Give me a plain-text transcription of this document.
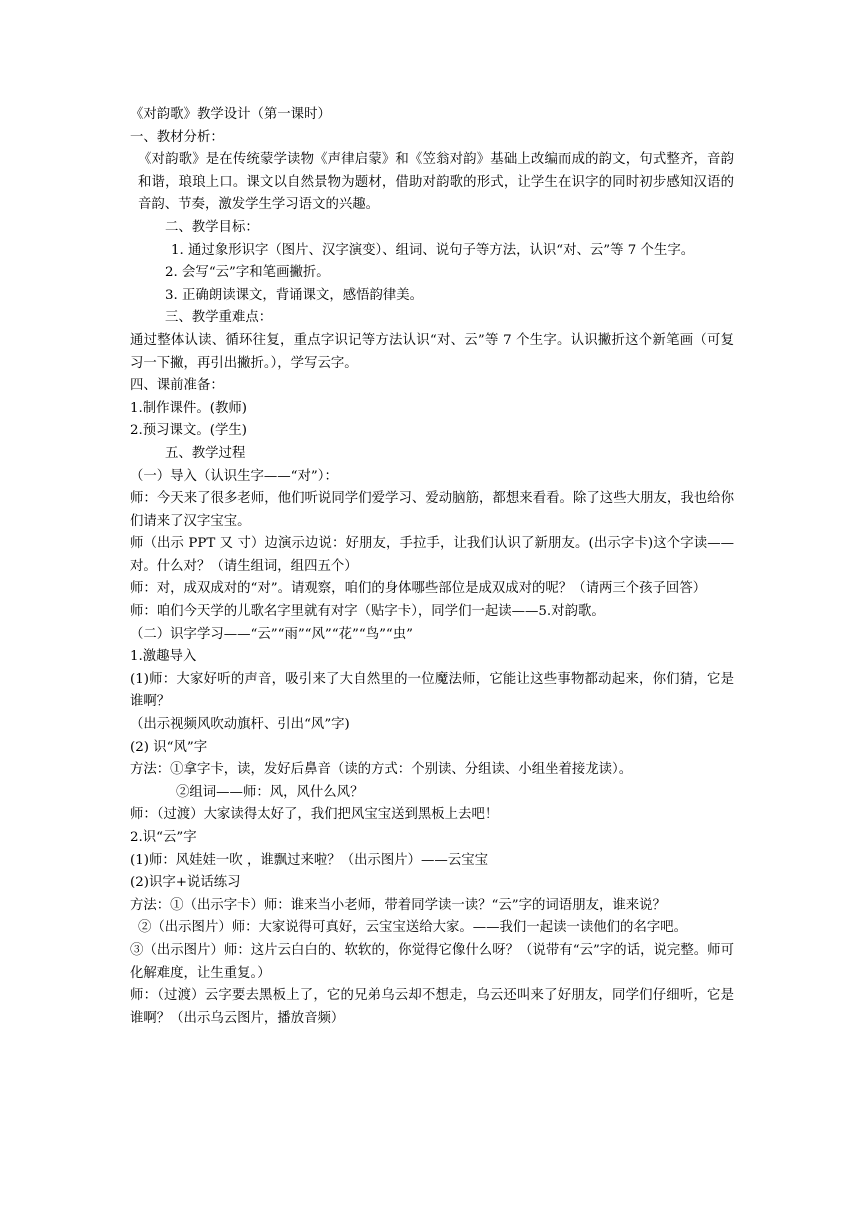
《对韵歌》教学设计（第一课时）

一、教材分析：

《对韵歌》是在传统蒙学读物《声律启蒙》和《笠翁对韵》基础上改编而成的韵文，句式整齐，音韵和谐，琅琅上口。课文以自然景物为题材，借助对韵歌的形式，让学生在识字的同时初步感知汉语的音韵、节奏，激发学生学习语文的兴趣。

二、教学目标：

1. 通过象形识字（图片、汉字演变）、组词、说句子等方法，认识“对、云”等 7 个生字。

2. 会写“云”字和笔画撇折。

3. 正确朗读课文，背诵课文，感悟韵律美。

三、教学重难点：

通过整体认读、循环往复，重点字识记等方法认识“对、云”等 7 个生字。认识撇折这个新笔画（可复习一下撇，再引出撇折。），学写云字。

四、课前准备：

1.制作课件。(教师)

2.预习课文。(学生)

五、教学过程

（一）导入（认识生字——“对”）：

师：今天来了很多老师，他们听说同学们爱学习、爱动脑筋，都想来看看。除了这些大朋友，我也给你们请来了汉字宝宝。

师（出示 PPT 又 寸）边演示边说：好朋友，手拉手，让我们认识了新朋友。(出示字卡)这个字读——对。什么对？（请生组词，组四五个）

师：对，成双成对的“对”。请观察，咱们的身体哪些部位是成双成对的呢？（请两三个孩子回答）

师：咱们今天学的儿歌名字里就有对字（贴字卡），同学们一起读——5.对韵歌。

（二）识字学习——“云”“雨”“风”“花”“鸟”“虫”

1.激趣导入

(1)师：大家好听的声音，吸引来了大自然里的一位魔法师，它能让这些事物都动起来，你们猜，它是谁啊？

（出示视频风吹动旗杆、引出“风”字)

(2) 识“风”字

方法：①拿字卡，读，发好后鼻音（读的方式：个别读、分组读、小组坐着接龙读）。

②组词——师：风，风什么风？

师：（过渡）大家读得太好了，我们把风宝宝送到黑板上去吧！

2.识“云”字

(1)师：风娃娃一吹 ，谁飘过来啦？（出示图片）——云宝宝

(2)识字+说话练习

方法：①（出示字卡）师：谁来当小老师，带着同学读一读？“云”字的词语朋友，谁来说？

②（出示图片）师：大家说得可真好，云宝宝送给大家。——我们一起读一读他们的名字吧。

③（出示图片）师：这片云白白的、软软的，你觉得它像什么呀？（说带有“云”字的话，说完整。师可化解难度，让生重复。）

师：（过渡）云字要去黑板上了，它的兄弟乌云却不想走，乌云还叫来了好朋友，同学们仔细听，它是谁啊？（出示乌云图片，播放音频）
